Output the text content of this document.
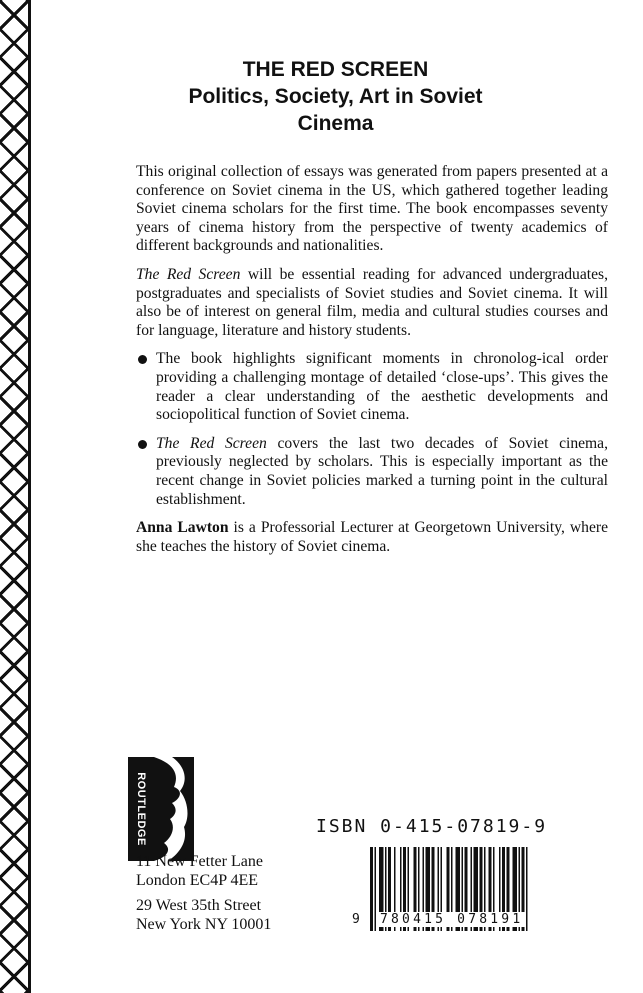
THE RED SCREEN
Politics, Society, Art in Soviet
Cinema

This original collection of essays was generated from papers presented at a conference on Soviet cinema in the US, which gathered together leading Soviet cinema scholars for the first time. The book encompasses seventy years of cinema history from the perspective of twenty academics of different backgrounds and nationalities.

The Red Screen will be essential reading for advanced undergraduates, postgraduates and specialists of Soviet studies and Soviet cinema. It will also be of interest on general film, media and cultural studies courses and for language, literature and history students.

The book highlights significant moments in chronolog-ical order providing a challenging montage of detailed ‘close-ups’. This gives the reader a clear understanding of the aesthetic developments and sociopolitical function of Soviet cinema.
The Red Screen covers the last two decades of Soviet cinema, previously neglected by scholars. This is especially important as the recent change in Soviet policies marked a turning point in the cultural establishment.

Anna Lawton is a Professorial Lecturer at Georgetown University, where she teaches the history of Soviet cinema.

ROUTLEDGE
11 New Fetter Lane
London EC4P 4EE
29 West 35th Street
New York NY 10001
ISBN 0-415-07819-9
9 780415 078191
